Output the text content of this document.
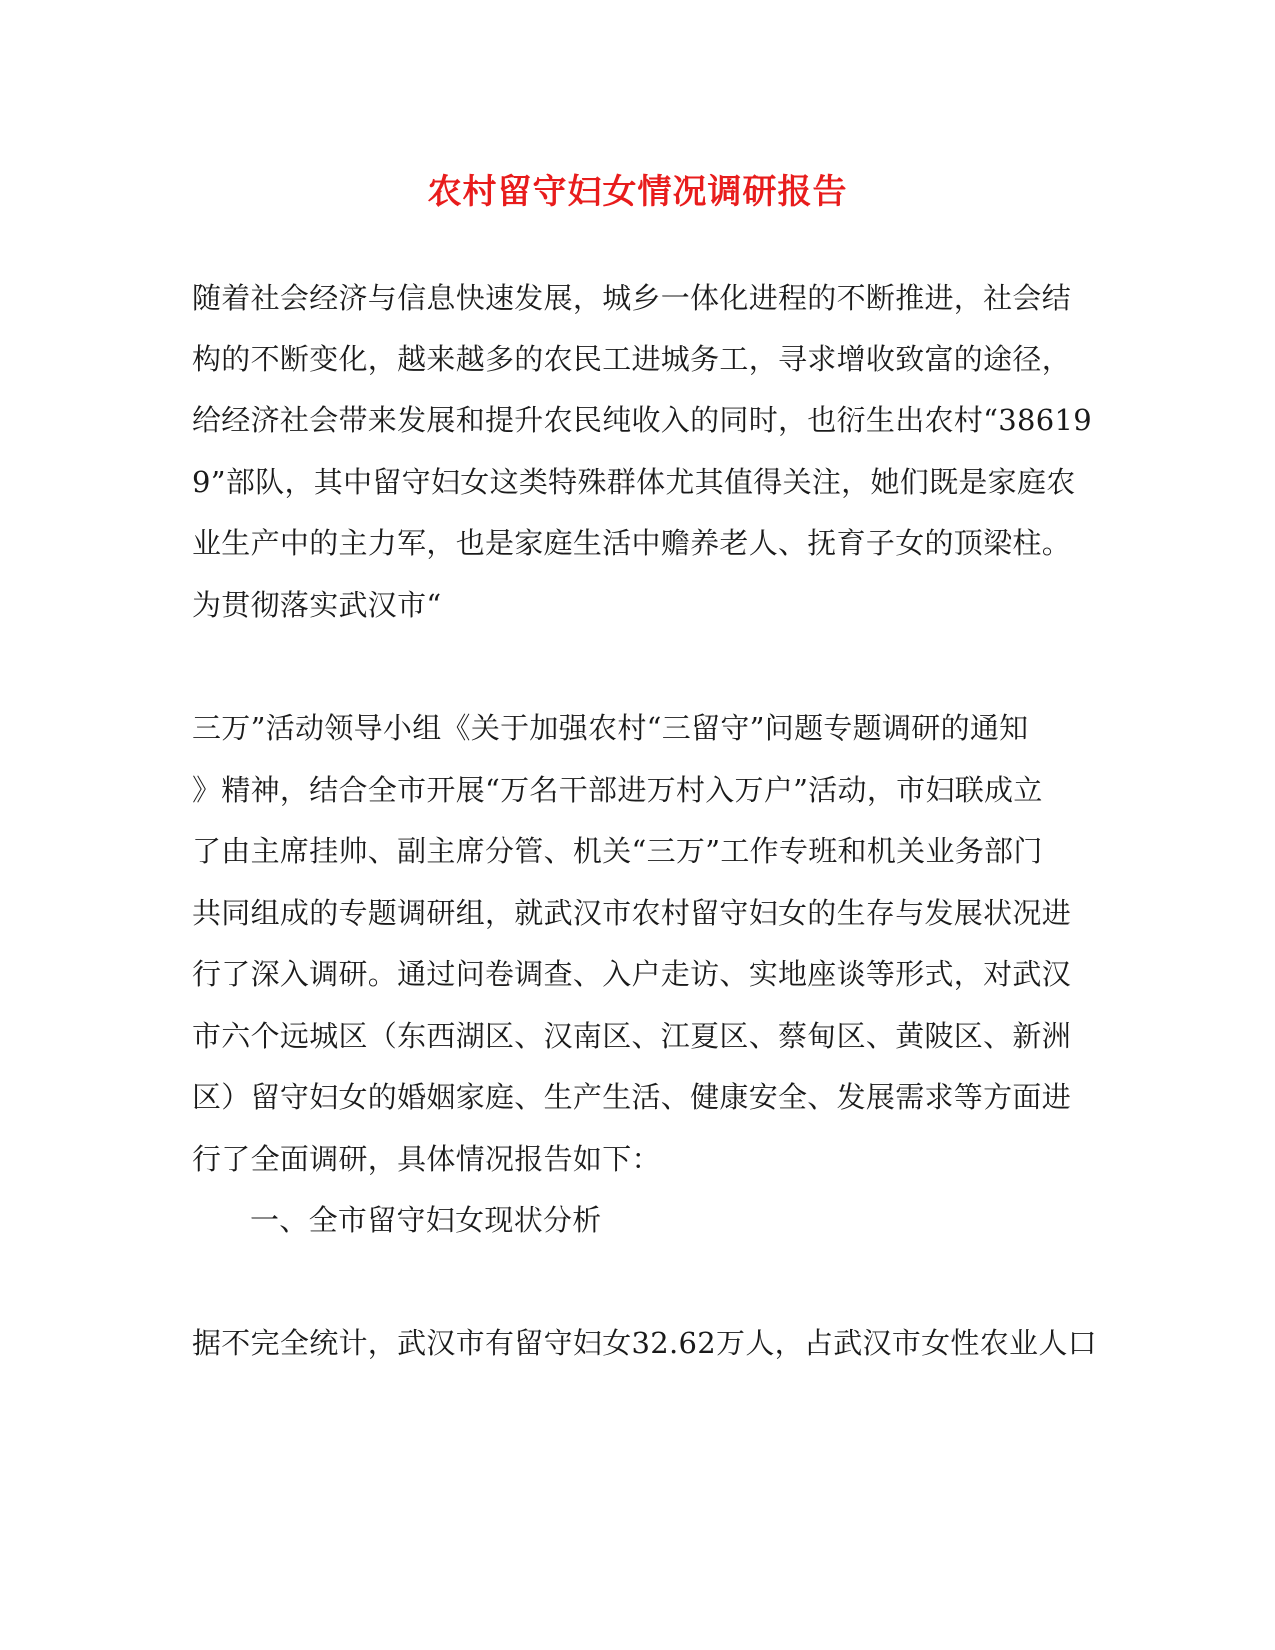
农村留守妇女情况调研报告
随着社会经济与信息快速发展，城乡一体化进程的不断推进，社会结
构的不断变化，越来越多的农民工进城务工，寻求增收致富的途径，
给经济社会带来发展和提升农民纯收入的同时，也衍生出农村“38619
9”部队，其中留守妇女这类特殊群体尤其值得关注，她们既是家庭农
业生产中的主力军，也是家庭生活中赡养老人、抚育子女的顶梁柱。
为贯彻落实武汉市“
三万”活动领导小组《关于加强农村“三留守”问题专题调研的通知
》精神，结合全市开展“万名干部进万村入万户”活动，市妇联成立
了由主席挂帅、副主席分管、机关“三万”工作专班和机关业务部门
共同组成的专题调研组，就武汉市农村留守妇女的生存与发展状况进
行了深入调研。通过问卷调查、入户走访、实地座谈等形式，对武汉
市六个远城区（东西湖区、汉南区、江夏区、蔡甸区、黄陂区、新洲
区）留守妇女的婚姻家庭、生产生活、健康安全、发展需求等方面进
行了全面调研，具体情况报告如下：
一、全市留守妇女现状分析
据不完全统计，武汉市有留守妇女32.62万人，占武汉市女性农业人口
